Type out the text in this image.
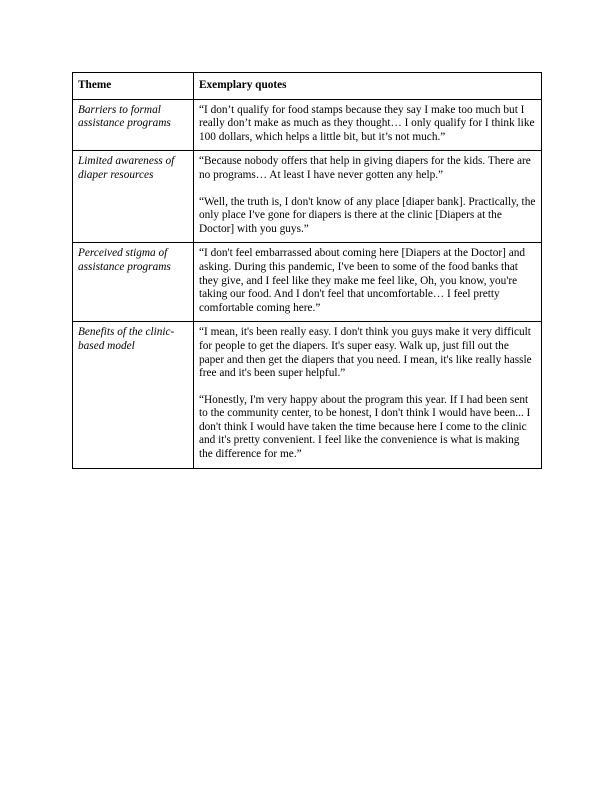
Theme	Exemplary quotes
Barriers to formal assistance programs	“I don’t qualify for food stamps because they say I make too much but I really don’t make as much as they thought… I only qualify for I think like 100 dollars, which helps a little bit, but it’s not much.”

Limited awareness of diaper resources	“Because nobody offers that help in giving diapers for the kids. There are no programs… At least I have never gotten any help.”

“Well, the truth is, I don't know of any place [diaper bank]. Practically, the only place I've gone for diapers is there at the clinic [Diapers at the Doctor] with you guys.”

Perceived stigma of assistance programs	“I don't feel embarrassed about coming here [Diapers at the Doctor] and asking. During this pandemic, I've been to some of the food banks that they give, and I feel like they make me feel like, Oh, you know, you're taking our food. And I don't feel that uncomfortable… I feel pretty comfortable coming here.”

Benefits of the clinic-based model	“I mean, it's been really easy. I don't think you guys make it very difficult for people to get the diapers. It's super easy. Walk up, just fill out the paper and then get the diapers that you need. I mean, it's like really hassle free and it's been super helpful.”

“Honestly, I'm very happy about the program this year. If I had been sent to the community center, to be honest, I don't think I would have been... I don't think I would have taken the time because here I come to the clinic and it's pretty convenient. I feel like the convenience is what is making the difference for me.”
